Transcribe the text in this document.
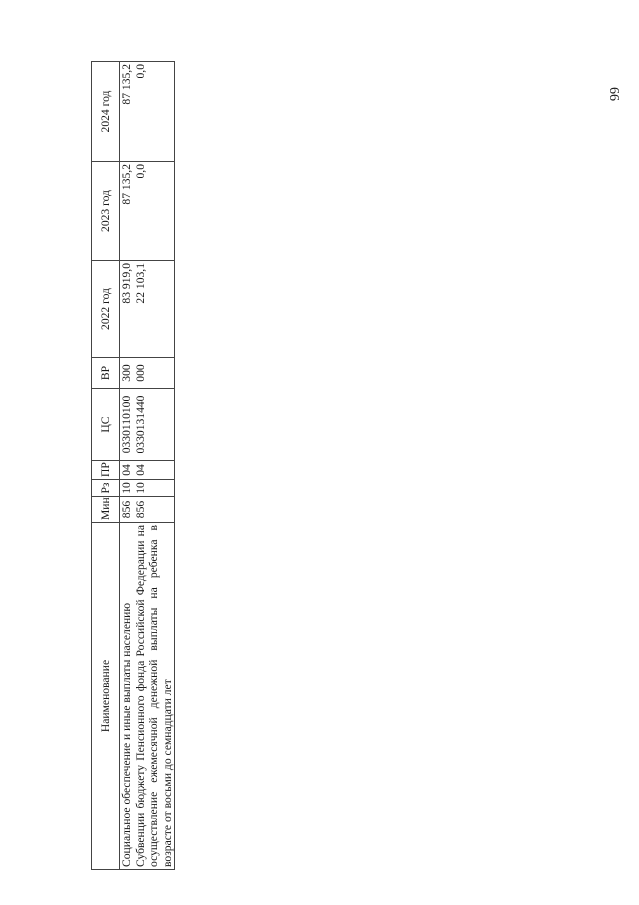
66
Наименование	Мин	Рз	ПР	ЦС	ВР	2022 год	2023 год	2024 год
Социальное обеспечение и иные выплаты населению	856	10	04	0330110100	300	83 919,0	87 135,2	87 135,2
Субвенции бюджету Пенсионного фонда Российской Федерации на осуществление ежемесячной денежной выплаты на ребенка в возрасте от восьми до семнадцати лет	856	10	04	0330131440	000	22 103,1	0,0	0,0
